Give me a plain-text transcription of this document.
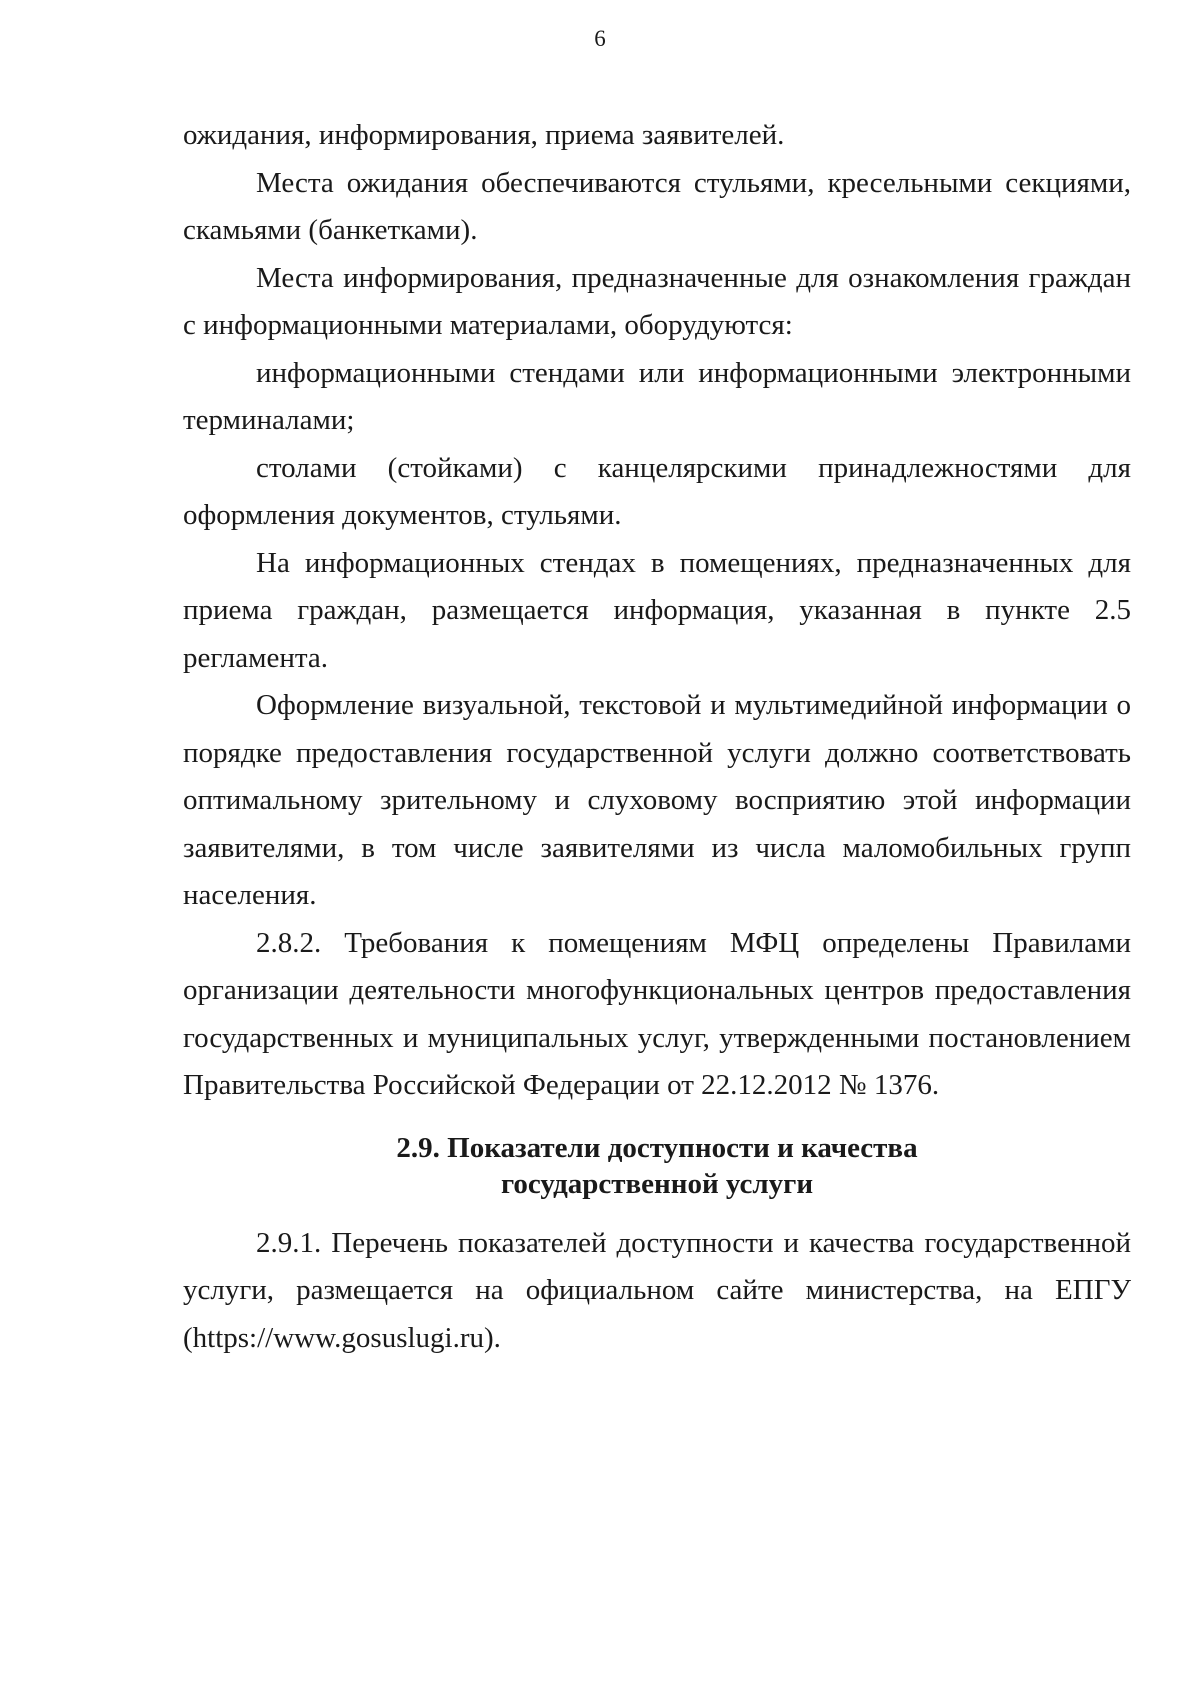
6

ожидания, информирования, приема заявителей.

Места ожидания обеспечиваются стульями, кресельными секциями, скамьями (банкетками).

Места информирования, предназначенные для ознакомления граждан с информационными материалами, оборудуются:

информационными стендами или информационными электронными терминалами;

столами (стойками) с канцелярскими принадлежностями для оформления документов, стульями.

На информационных стендах в помещениях, предназначенных для приема граждан, размещается информация, указанная в пункте 2.5 регламента.

Оформление визуальной, текстовой и мультимедийной информации о порядке предоставления государственной услуги должно соответствовать оптимальному зрительному и слуховому восприятию этой информации заявителями, в том числе заявителями из числа маломобильных групп населения.

2.8.2. Требования к помещениям МФЦ определены Правилами организации деятельности многофункциональных центров предоставления государственных и муниципальных услуг, утвержденными постановлением Правительства Российской Федерации от 22.12.2012 № 1376.

2.9. Показатели доступности и качества
государственной услуги

2.9.1. Перечень показателей доступности и качества государственной услуги, размещается на официальном сайте министерства, на ЕПГУ (https://www.gosuslugi.ru).
